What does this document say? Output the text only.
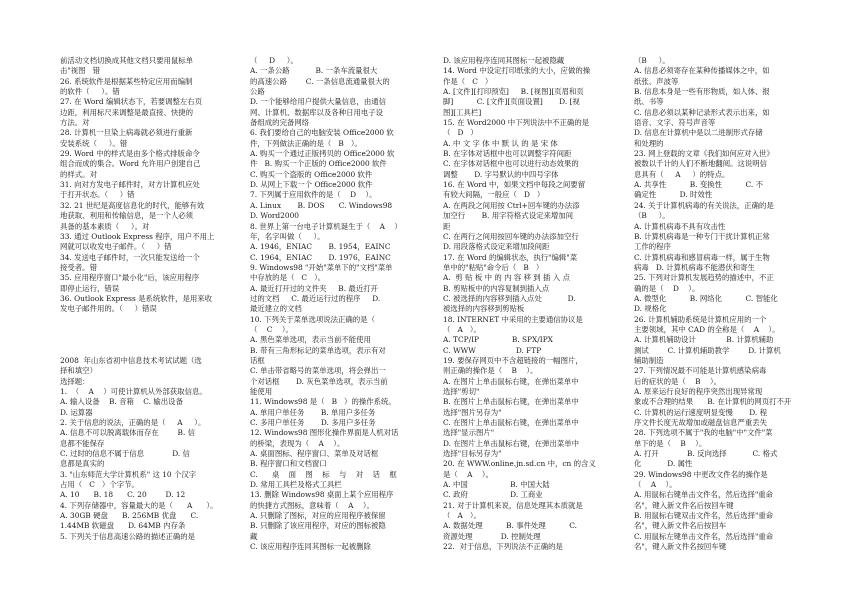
前活动文档切换成其他文档只要用鼠标单

击"视图   错

26. 系统软件是根据某些特定应用而编制

的软件（     ）。错

27. 在 Word 编辑状态下，若要调整左右页

边距，利用标尺来调整是最直接、快捷的

方法。对

28. 计算机一旦染上病毒就必须进行重新

安装系统（     ）。错

29. Word 中的样式是由多个格式排版命令

组合而成的集合。Word 允许用户创建自己

的样式。对

31. 向对方发电子邮件时，对方计算机应处

于打开状态。（     ）错

32. 21 世纪是高度信息化的时代，能够有效

地获取、利用和传输信息，是一个人必须

具备的基本素质（     ）。对

33. 通过 Outlook Express 程序，用户不用上

网就可以收发电子邮件。（     ）错

34. 发送电子邮件时，一次只能发送给一个

接受者。错

35. 应用程序窗口"最小化"后，该应用程序

即停止运行，错误

36. Outlook Express 是系统软件，是用来收

发电子邮件用的。（     ）错误

2008  年山东省初中信息技术考试试题（选

择和填空）

选择题：

1.  （    A    ）可使计算机从外部获取信息。

A. 输入设备    B. 音箱    C. 输出设备

D. 运算器

2. 关于信息的说法，正确的是（     A     ）。

A. 信息不可以脱离载体而存在        B. 信

息都不能保存

C. 过时的信息不属于信息            D. 信

息都是真实的

3. "山东师范大学计算机系" 这 10 个汉字

占用（   C   ）个字节。

A. 10      B. 18      C. 20        D. 12

4. 下列存储器中，容量最大的是（      A      ）。

A. 30GB 硬盘      B. 256MB 优盘      C.

1.44MB 软磁盘      D. 64MB 内存条

5. 下列关于信息高速公路的描述正确的是

（     D     ）。

A. 一条公路           B. 一条车流量很大

的高速公路        C. 一条信息流通量很大的

公路

D. 一个能够给用户提供大量信息，由通信

网、计算机、数据库以及各种日用电子设

备组成的完备网络

6. 我们要给自己的电脑安装 Office2000 软

件，下列做法正确的是（   B   ）。

A. 购买一个通过正版拷贝的 Office2000 软

件   B. 购买一个正版的 Office2000 软件

C. 购买一个盗版的 Office2000 软件

D. 从网上下载一个 Office2000 软件

7. 下列属于应用软件的是（    D    ）。

A. Linux       B. DOS      C. Windows98

D. Word2000

8. 世界上第一台电子计算机诞生于（    A    ）

年，名字叫做（     ）。

A. 1946，ENIAC       B. 1954，EAINC

C. 1964，ENIAC       D. 1976，EAINC

9. Windows98 "开始"菜单下的"文档"菜单

中存放的是（   C   ）。

A. 最近打开过的文件夹     B. 最近打开

过的文档     C. 最近运行过的程序     D.

最近建立的文档

10. 下列关于菜单选项说法正确的是（

（    C    ）。

A. 黑色菜单选项，表示当前不能使用

B. 带有三角形标记的菜单选项，表示有对

话框

C. 单击带省略号的菜单选项，将会弹出一

个对话框       D. 灰色菜单选项，表示当前

能使用

11. Windows98 是（   B   ）的操作系统。

A. 单用户单任务       B. 单用户多任务

C. 多用户单任务       D. 多用户多任务

12. Windows98 图形化操作界面是人机对话

的桥梁，表现为（    A    ）。

A. 桌面图标、程序窗口、菜单及对话框

B. 程序窗口和文档窗口

C.      桌    面    图    标    与    对    话    框

D. 常用工具栏及格式工具栏

13. 删除 Windows98 桌面上某个应用程序

的快捷方式图标，意味着（    A    ）。

A. 只删除了图标，对应的应用程序被保留

B. 只删除了该应用程序，对应的图标被隐

藏

C. 该应用程序连同其图标一起被删除

D. 该应用程序连同其图标一起被隐藏

14. Word 中设定打印纸张的大小，应做的操

作是（   C   ）

A. [文件][打印预览]     B. [视图][页眉和页

脚]          C. [文件][页面设置]       D. [视

图][工具栏]

15. 在 Word2000 中下列说法中不正确的是

（   D   ）

A. 中 文 字 体 中 默 认 的 是 宋 体

B. 在字体对话框中也可以调整字符间距

C. 在字体对话框中也可以进行动态效果的

调整       D. 字号默认的中四号字体

16. 在 Word 中，如果文档中每段之间要留

有较大间隔，一般应（   D   ）

A. 在两段之间用按 Ctrl+回车键的办法添

加空行       B. 用字符格式设定来增加间

距

C. 在两行之间用按回车键的办法添加空行

D. 用段落格式设定来增加段间距

17. 在 Word 的编辑状态，执行"编辑"菜

单中的"粘贴"命令后（   B   ）

A.  剪 贴 板 中 的 内 容 移 到 插 入 点

B. 剪贴板中的内容复制到插入点

C. 被选择的内容移到插入点处           D.

被选择的内容移到剪贴板

18. INTERNET 中采用的主要通信协议是

（   A   ）。

A. TCP/IP              B. SPX/IPX

C. WWW                 D. FTP

19. 要保存网页中不含超链接的一幅图片，

则正确的操作是（    B    ）。

A. 在图片上单击鼠标右键，在弹出菜单中

选择"剪切"

B. 在图片上单击鼠标右键，在弹出菜单中

选择"图片另存为"

C. 在图片上单击鼠标右键，在弹出菜单中

选择"显示图片"

D. 在图片上单击鼠标右键，在弹出菜单中

选择"目标另存为"

20. 在 WWW.online.jn.sd.cn 中，cn 的含义

是（    A    ）。

A. 中国                  B. 中国大陆

C. 政府                  D. 工商业

21. 对于计算机来说，信息处理其本质就是

（   A   ）。

A. 数据处理          B. 事件处理          C.

资源处理            D. 控制处理

22.  对于信息，下列说法不正确的是

（B     ）。

A. 信息必须寄存在某种传播媒体之中，如

纸张、声波等

B. 信息本身是一些有形物质，如人体、报

纸、书等

C. 信息必须以某种记录形式表示出来，如

语音、文字、符号声音等

D. 信息在计算机中是以二进制形式存储

和处理的

23. 网上登载的文章《我们如何应对入世》

被数以千计的人们不断地翻阅。这说明信

息具有（     A     ）的特点。

A. 共享性          B. 变换性          C. 不

确定性          D. 时效性

24. 关于计算机病毒的有关说法，正确的是

（B     ）。

A. 计算机病毒不具有攻击性

B. 计算机病毒是一种专门干扰计算机正常

工作的程序

C. 计算机病毒和感冒病毒一样，属于生物

病毒   D. 计算机病毒不能潜伏和寄生

25. 下列对计算机发展趋势的描述中，不正

确的是（    D    ）。

A. 微型化          B. 网络化          C. 智能化

D. 规格化

26. 计算机辅助系统是计算机应用的一个

主要领域，其中 CAD 的全称是（    A    ）。

A. 计算机辅助设计             B. 计算机辅助

测试        C. 计算机辅助教学        D. 计算机

辅助制造

27. 下列情况最不可能是计算机感染病毒

后的症状的是（    B    ）。

A. 原来运行良好的程序突然出现异常现

象或不合理的结果      B. 在计算机的网页打不开

C. 计算机的运行速度明显变慢       D. 程

序文件长度无故增加或磁盘信息严重丢失

28. 下列选项不属于"我的电脑"中"文件"菜

单下的是（    B    ）。

A. 打开            B. 反向选择           C. 格式

化           D. 属性

29. Windows98 中更改文件名的操作是

（    A    ）。

A. 用鼠标右键单击文件名，然后选择"重命

名"，键入新文件名后按回车键

B. 用鼠标右键双击文件名，然后选择"重命

名"，键入新文件名后按回车

C. 用鼠标左键单击文件名，然后选择"重命

名"，键入新文件名按回车键
